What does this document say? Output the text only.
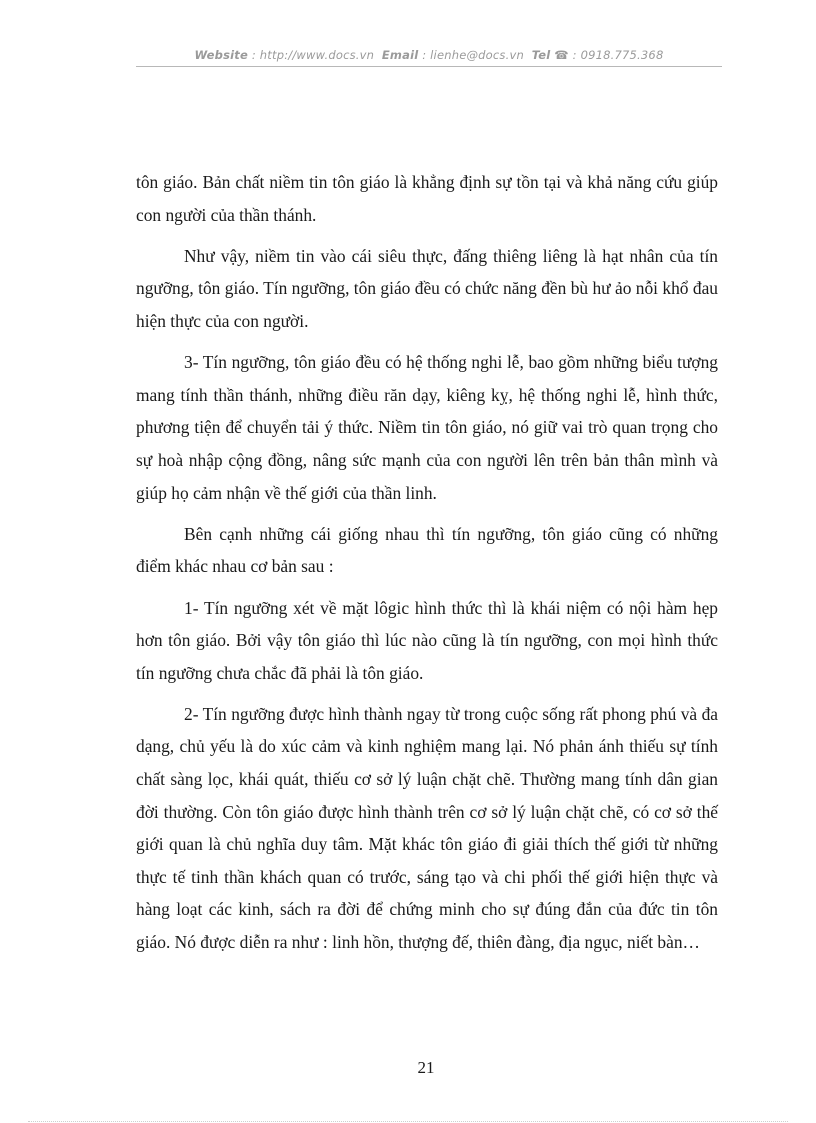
Website : http://www.docs.vn Email : lienhe@docs.vn Tel ☎ : 0918.775.368

tôn giáo. Bản chất niềm tin tôn giáo là khẳng định sự tồn tại và khả năng cứu giúp con người của thần thánh.

Như vậy, niềm tin vào cái siêu thực, đấng thiêng liêng là hạt nhân của tín ngưỡng, tôn giáo. Tín ngưỡng, tôn giáo đều có chức năng đền bù hư ảo nỗi khổ đau hiện thực của con người.

3- Tín ngưỡng, tôn giáo đều có hệ thống nghi lễ, bao gồm những biểu tượng mang tính thần thánh, những điều răn dạy, kiêng kỵ, hệ thống nghi lễ, hình thức, phương tiện để chuyển tải ý thức. Niềm tin tôn giáo, nó giữ vai trò quan trọng cho sự hoà nhập cộng đồng, nâng sức mạnh của con người lên trên bản thân mình và giúp họ cảm nhận về thế giới của thần linh.

Bên cạnh những cái giống nhau thì tín ngưỡng, tôn giáo cũng có những điểm khác nhau cơ bản sau :

1- Tín ngưỡng xét về mặt lôgic hình thức thì là khái niệm có nội hàm hẹp hơn tôn giáo. Bởi vậy tôn giáo thì lúc nào cũng là tín ngưỡng, con mọi hình thức tín ngưỡng chưa chắc đã phải là tôn giáo.

2- Tín ngưỡng được hình thành ngay từ trong cuộc sống rất phong phú và đa dạng, chủ yếu là do xúc cảm và kinh nghiệm mang lại. Nó phản ánh thiếu sự tính chất sàng lọc, khái quát, thiếu cơ sở lý luận chặt chẽ. Thường mang tính dân gian đời thường. Còn tôn giáo được hình thành trên cơ sở lý luận chặt chẽ, có cơ sở thế giới quan là chủ nghĩa duy tâm. Mặt khác tôn giáo đi giải thích thế giới từ những thực tế tinh thần khách quan có trước, sáng tạo và chi phối thế giới hiện thực và hàng loạt các kinh, sách ra đời để chứng minh cho sự đúng đắn của đức tin tôn giáo. Nó được diễn ra như : linh hồn, thượng đế, thiên đàng, địa ngục, niết bàn…

21
